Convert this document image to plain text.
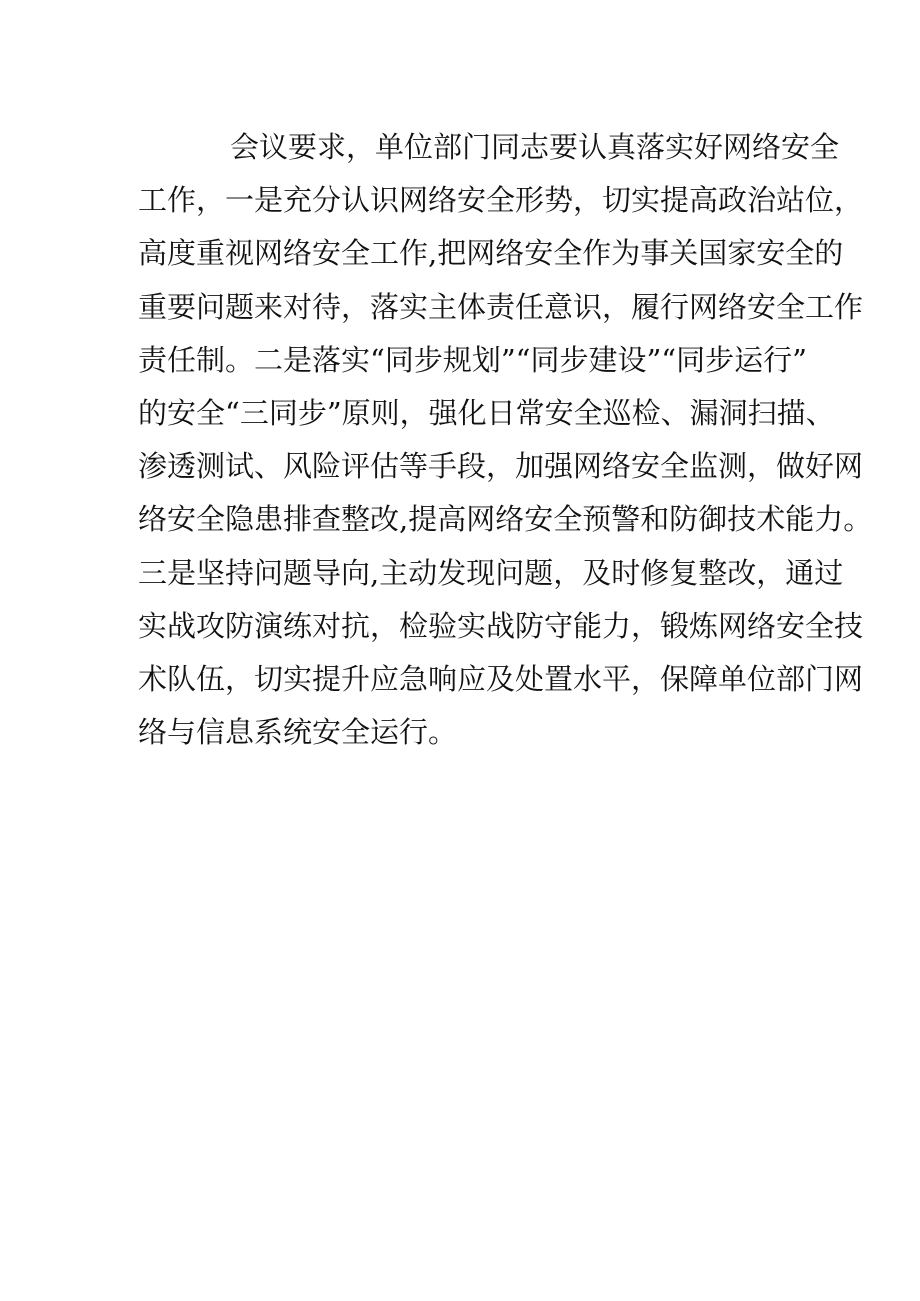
会议要求，单位部门同志要认真落实好网络安全
工作，一是充分认识网络安全形势，切实提高政治站位，
高度重视网络安全工作,把网络安全作为事关国家安全的
重要问题来对待，落实主体责任意识，履行网络安全工作
责任制。二是落实“同步规划”“同步建设”“同步运行”
的安全“三同步”原则，强化日常安全巡检、漏洞扫描、
渗透测试、风险评估等手段，加强网络安全监测，做好网
络安全隐患排查整改,提高网络安全预警和防御技术能力。
三是坚持问题导向,主动发现问题，及时修复整改，通过
实战攻防演练对抗，检验实战防守能力，锻炼网络安全技
术队伍，切实提升应急响应及处置水平，保障单位部门网
络与信息系统安全运行。
